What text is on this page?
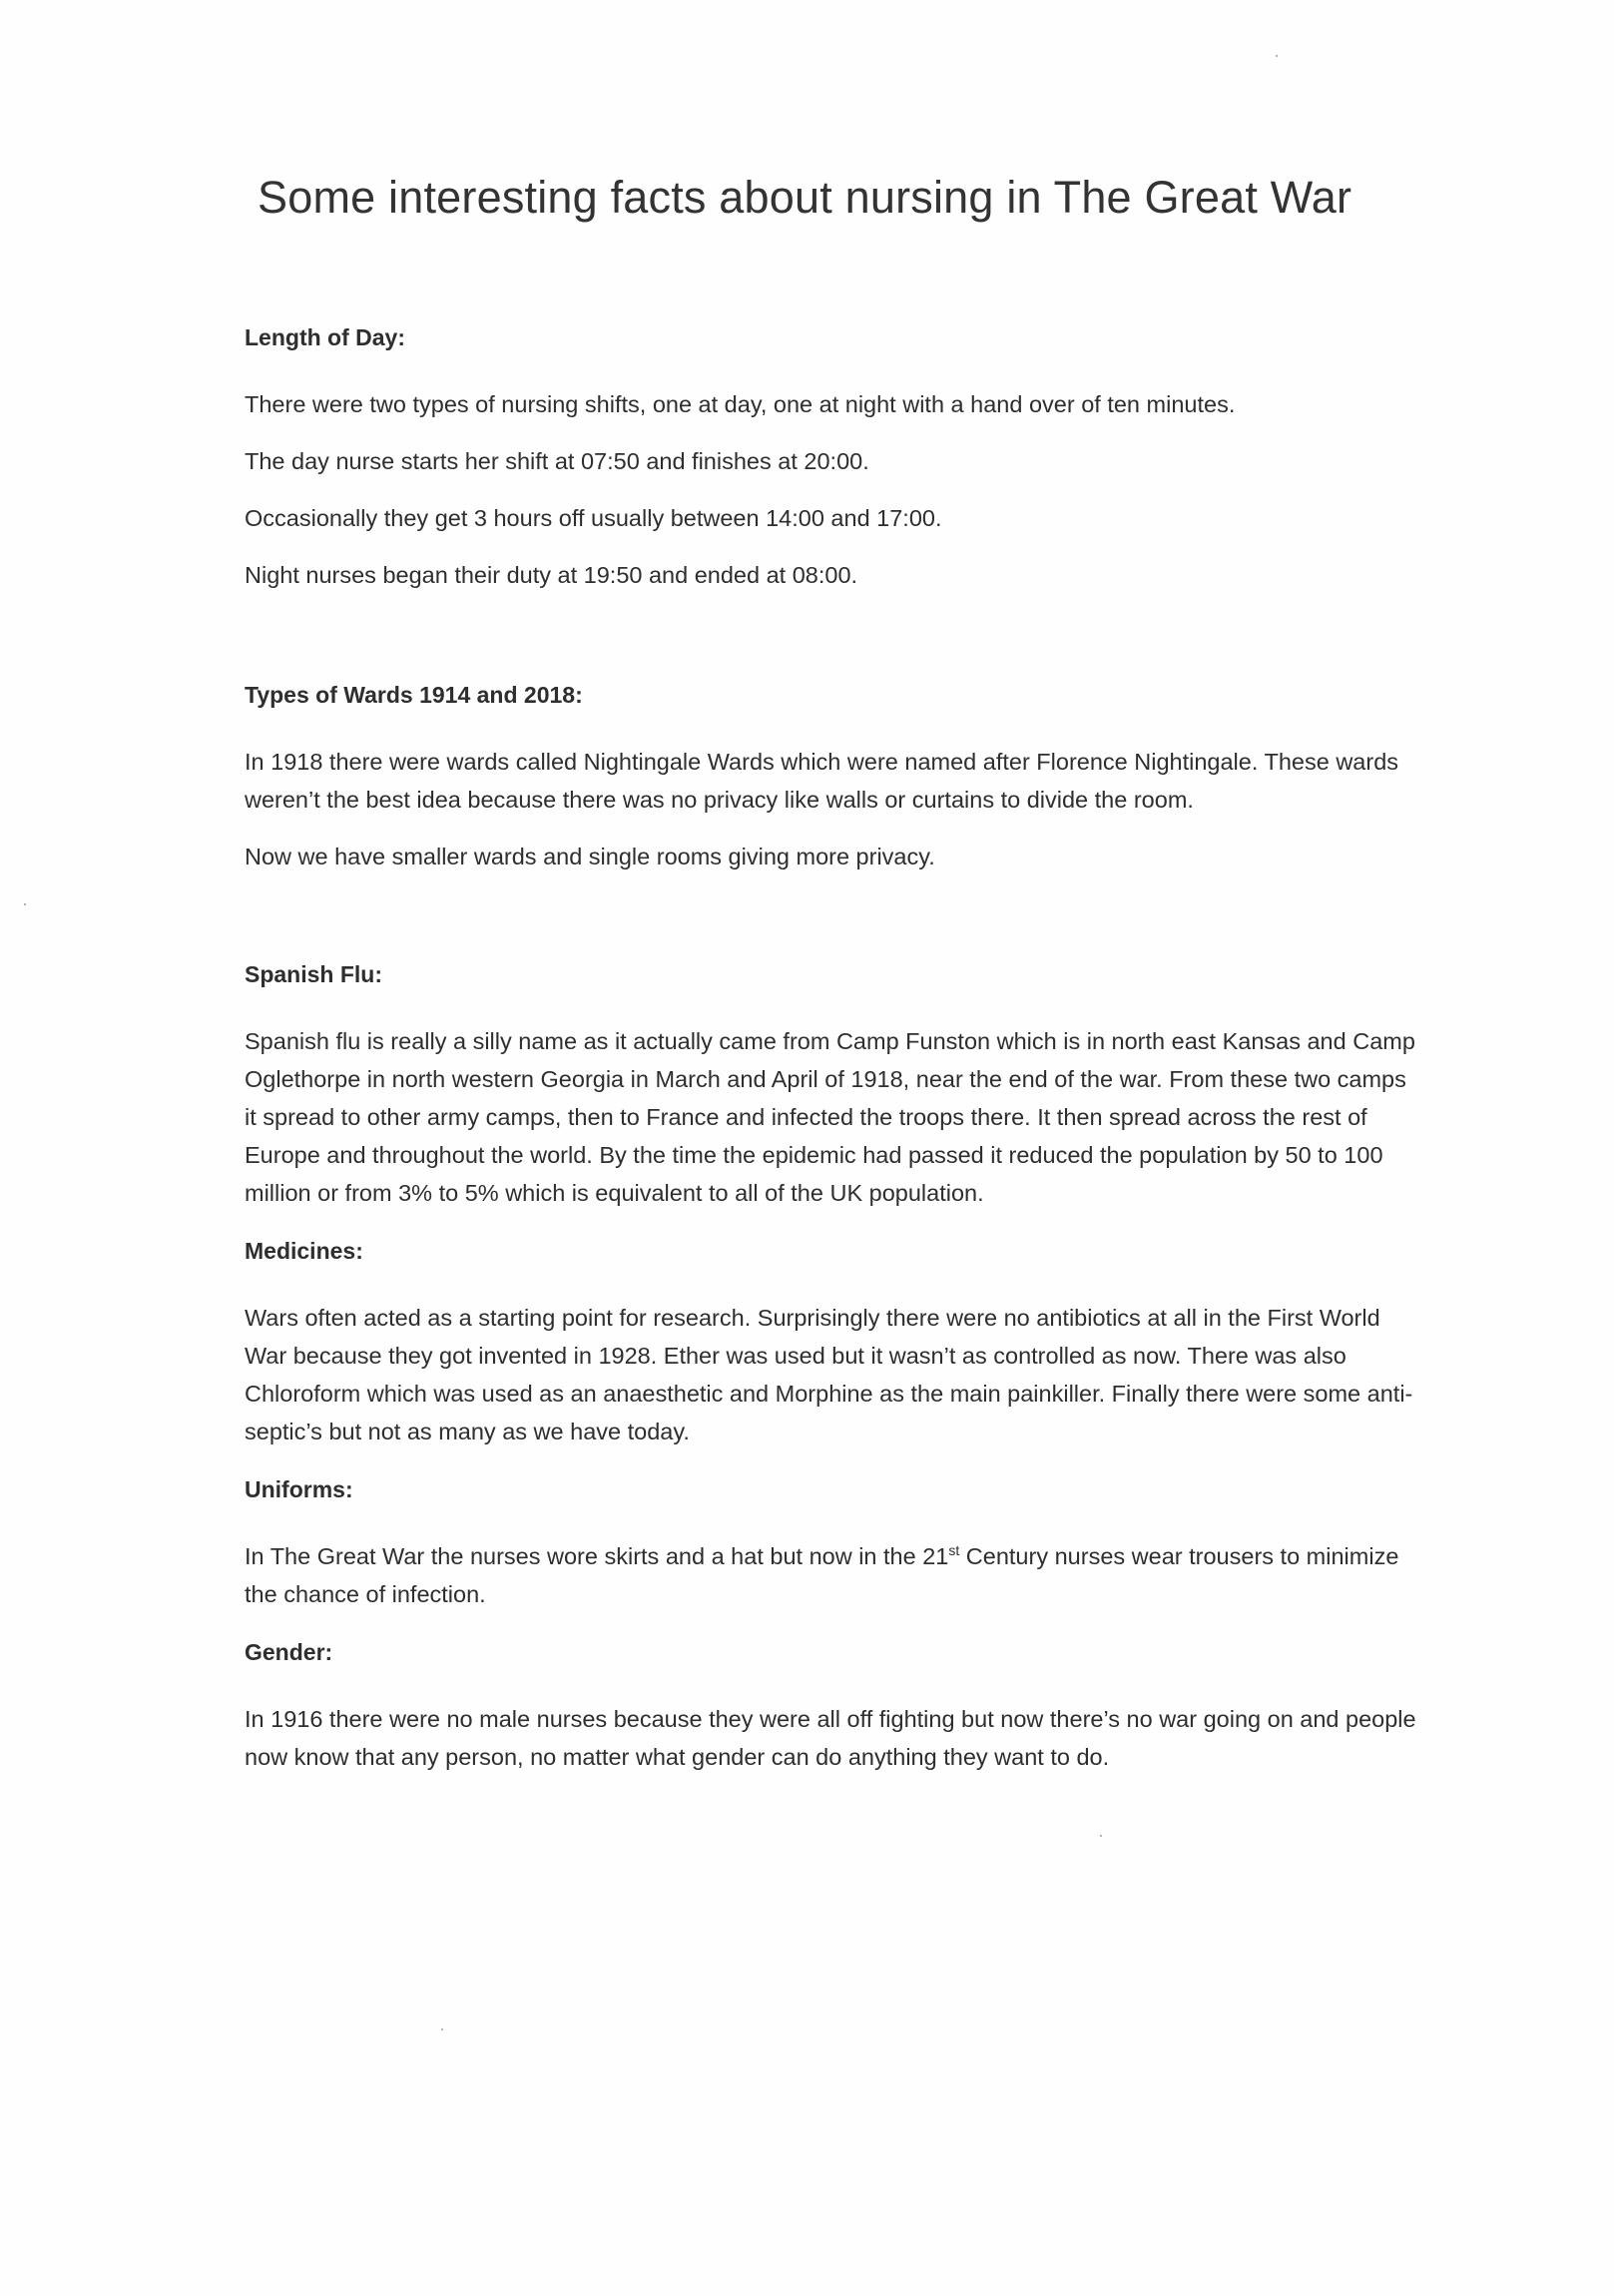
Some interesting facts about nursing in The Great War
Length of Day:

There were two types of nursing shifts, one at day, one at night with a hand over of ten minutes.

The day nurse starts her shift at 07:50 and finishes at 20:00.

Occasionally they get 3 hours off usually between 14:00 and 17:00.

Night nurses began their duty at 19:50 and ended at 08:00.

Types of Wards 1914 and 2018:

In 1918 there were wards called Nightingale Wards which were named after Florence Nightingale. These wards weren’t the best idea because there was no privacy like walls or curtains to divide the room.

Now we have smaller wards and single rooms giving more privacy.

Spanish Flu:

Spanish flu is really a silly name as it actually came from Camp Funston which is in north east Kansas and Camp Oglethorpe in north western Georgia in March and April of 1918, near the end of the war. From these two camps it spread to other army camps, then to France and infected the troops there. It then spread across the rest of Europe and throughout the world. By the time the epidemic had passed it reduced the population by 50 to 100 million or from 3% to 5% which is equivalent to all of the UK population.

Medicines:

Wars often acted as a starting point for research. Surprisingly there were no antibiotics at all in the First World War because they got invented in 1928. Ether was used but it wasn’t as controlled as now. There was also Chloroform which was used as an anaesthetic and Morphine as the main painkiller. Finally there were some anti-septic’s but not as many as we have today.

Uniforms:

In The Great War the nurses wore skirts and a hat but now in the 21st Century nurses wear trousers to minimize the chance of infection.

Gender:

In 1916 there were no male nurses because they were all off fighting but now there’s no war going on and people now know that any person, no matter what gender can do anything they want to do.
